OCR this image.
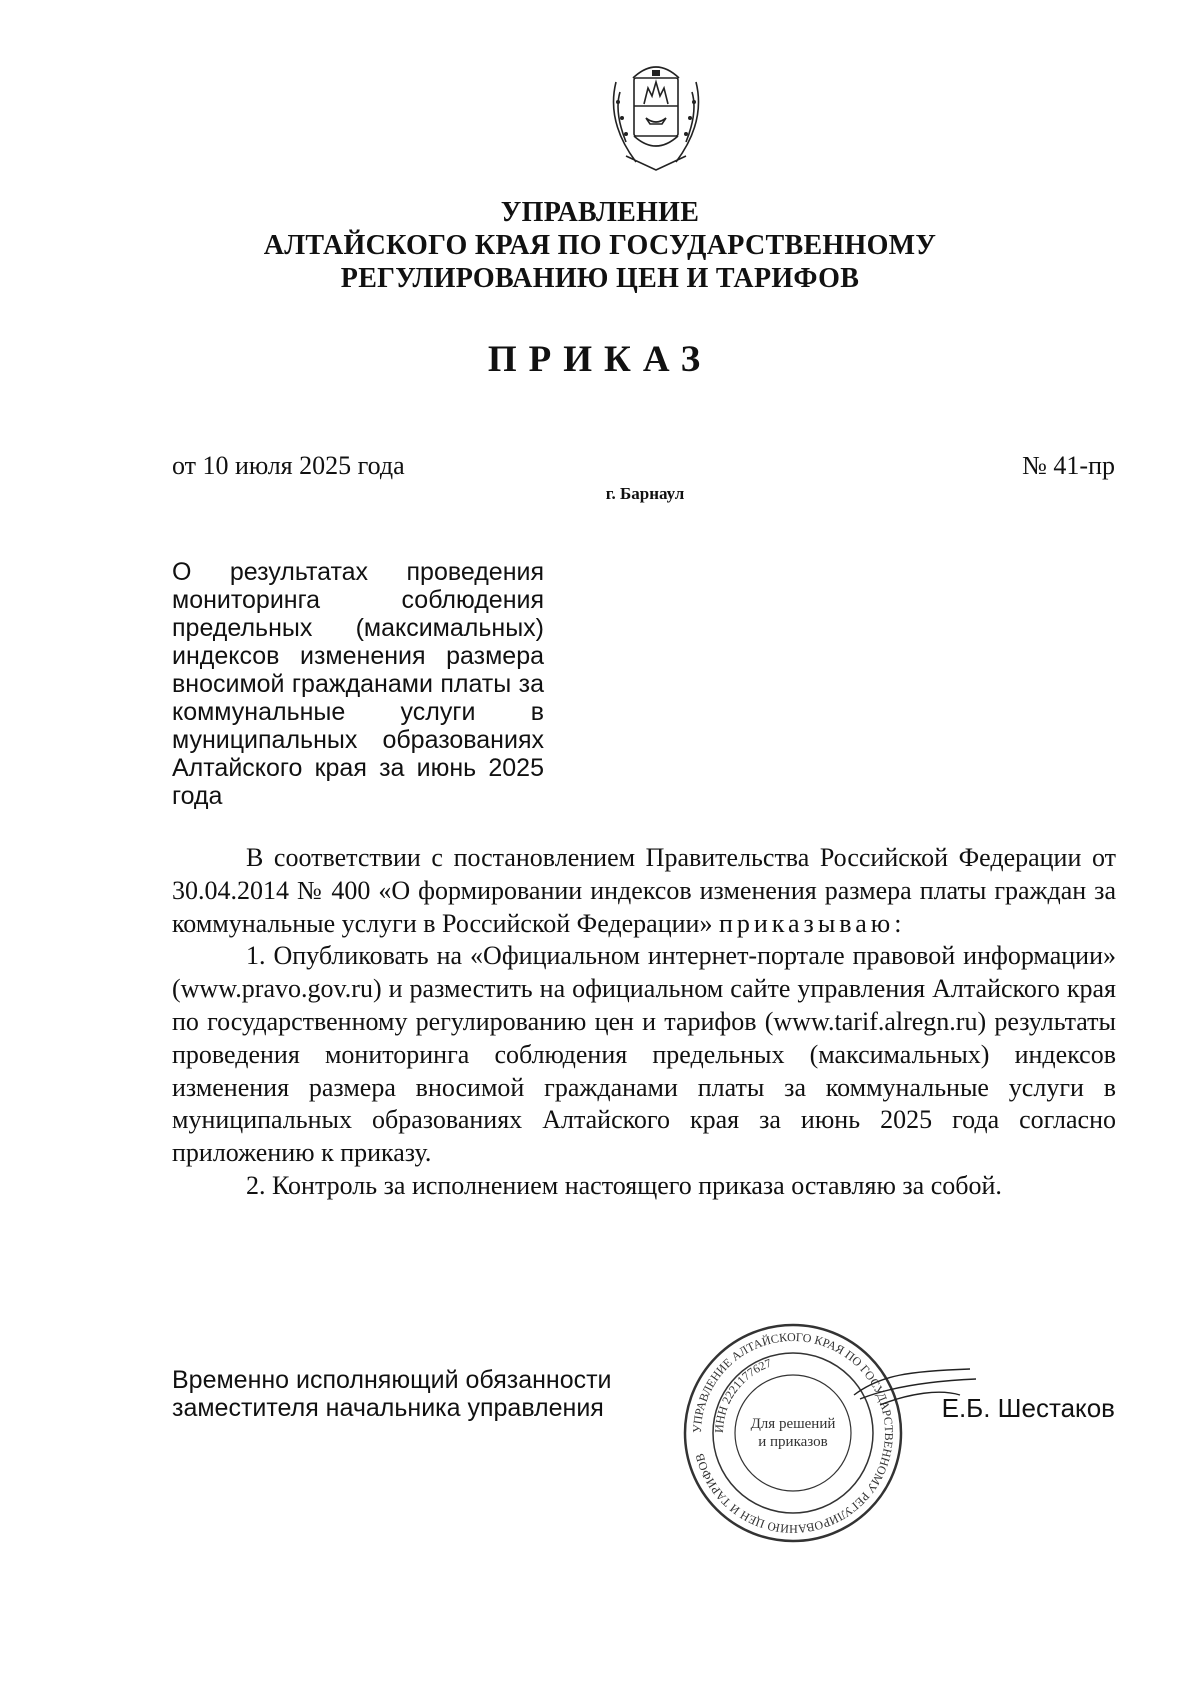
УПРАВЛЕНИЕ
АЛТАЙСКОГО КРАЯ ПО ГОСУДАРСТВЕННОМУ
РЕГУЛИРОВАНИЮ ЦЕН И ТАРИФОВ
ПРИКАЗ
от 10 июля 2025 года	№ 41-пр
г. Барнаул
О результатах проведения мониторинга соблюдения предельных (максимальных) индексов изменения размера вносимой гражданами платы за коммунальные услуги в муниципальных образованиях Алтайского края за июнь 2025 года

В соответствии с постановлением Правительства Российской Федерации от 30.04.2014 № 400 «О формировании индексов изменения размера платы граждан за коммунальные услуги в Российской Федерации» приказываю:

1. Опубликовать на «Официальном интернет-портале правовой информации» (www.pravo.gov.ru) и разместить на официальном сайте управления Алтайского края по государственному регулированию цен и тарифов (www.tarif.alregn.ru) результаты проведения мониторинга соблюдения предельных (максимальных) индексов изменения размера вносимой гражданами платы за коммунальные услуги в муниципальных образованиях Алтайского края за июнь 2025 года согласно приложению к приказу.

2. Контроль за исполнением настоящего приказа оставляю за собой.

Временно исполняющий обязанности
заместителя начальника управления
УПРАВЛЕНИЕ АЛТАЙСКОГО КРАЯ ПО ГОСУДАРСТВЕННОМУ РЕГУЛИРОВАНИЮ ЦЕН И ТАРИФОВ
ИНН 2221177627
Для решений
и приказов
Е.Б. Шестаков
